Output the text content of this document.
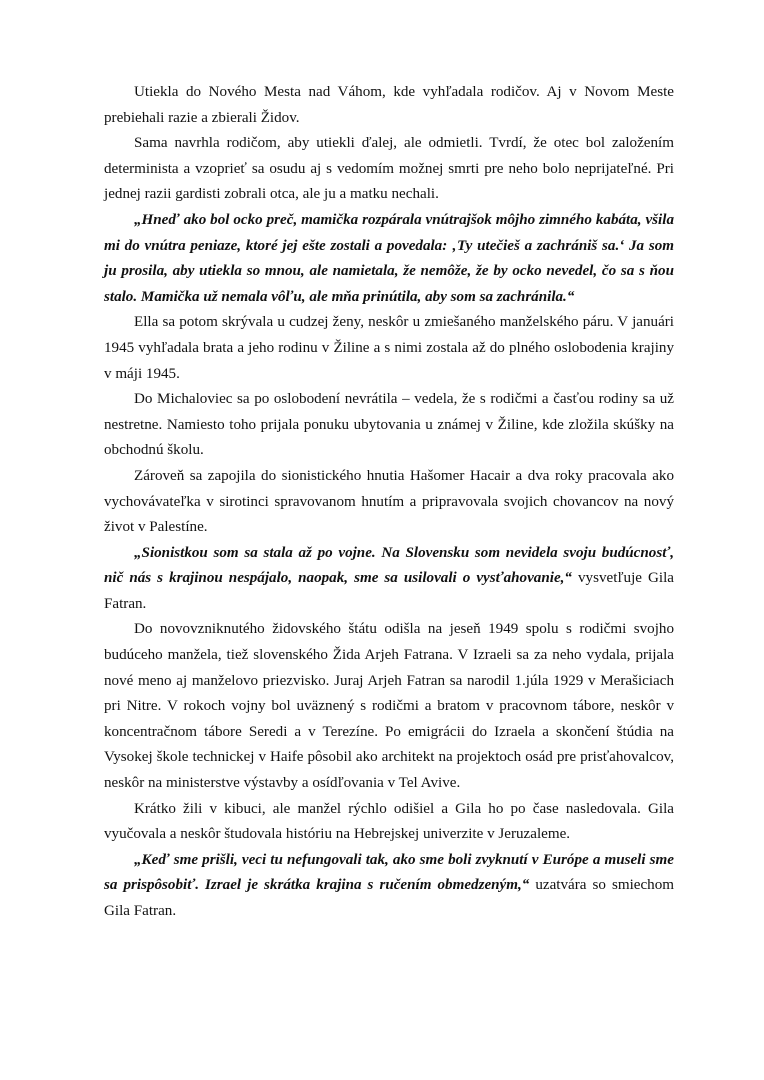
Utiekla do Nového Mesta nad Váhom, kde vyhľadala rodičov. Aj v Novom Meste prebiehali razie a zbierali Židov.

Sama navrhla rodičom, aby utiekli ďalej, ale odmietli. Tvrdí, že otec bol založením deterministа a vzoprieť sa osudu aj s vedomím možnej smrti pre neho bolo neprijateľné. Pri jednej razii gardisti zobrali otca, ale ju a matku nechali.

„Hneď ako bol ocko preč, mamička rozpárala vnútrajšok môjho zimného kabáta, všila mi do vnútra peniaze, ktoré jej ešte zostali a povedala: ‚Ty utečieš a zachrániš sa.‘ Ja som ju prosila, aby utiekla so mnou, ale namietala, že nemôže, že by ocko nevedel, čo sa s ňou stalo. Mamička už nemala vôľu, ale mňa prinútila, aby som sa zachránila.“

Ella sa potom skrývala u cudzej ženy, neskôr u zmiešaného manželského páru. V januári 1945 vyhľadala brata a jeho rodinu v Žiline a s nimi zostala až do plného oslobodenia krajiny v máji 1945.

Do Michaloviec sa po oslobodení nevrátila – vedela, že s rodičmi a časťou rodiny sa už nestretne. Namiesto toho prijala ponuku ubytovania u známej v Žiline, kde zložila skúšky na obchodnú školu.

Zároveň sa zapojila do sionistického hnutia Hašomer Hacair a dva roky pracovala ako vychovávateľka v sirotinci spravovanom hnutím a pripravovala svojich chovancov na nový život v Palestíne.

„Sionistkou som sa stala až po vojne. Na Slovensku som nevidela svoju budúcnosť, nič nás s krajinou nespájalo, naopak, sme sa usilovali o vysťahovanie,“ vysvetľuje Gila Fatran.

Do novovzniknutého židovského štátu odišla na jeseň 1949 spolu s rodičmi svojho budúceho manžela, tiež slovenského Žida Arjeh Fatrana. V Izraeli sa za neho vydala, prijala nové meno aj manželovo priezvisko. Juraj Arjeh Fatran sa narodil 1.júla 1929 v Merašiciach pri Nitre. V rokoch vojny bol uväznený s rodičmi a bratom v pracovnom tábore, neskôr v koncentračnom tábore Seredi a v Terezíne. Po emigrácii do Izraela a skončení štúdia na Vysokej škole technickej v Haife pôsobil ako architekt na projektoch osád pre prisťahovalcov, neskôr na ministerstve výstavby a osídľovania v Tel Avive.

Krátko žili v kibuci, ale manžel rýchlo odišiel a Gila ho po čase nasledovala. Gila vyučovala a neskôr študovala históriu na Hebrejskej univerzite v Jeruzaleme.

„Keď sme prišli, veci tu nefungovali tak, ako sme boli zvyknutí v Európe a museli sme sa prispôsobiť. Izrael je skrátka krajina s ručením obmedzeným,“ uzatvára so smiechom Gila Fatran.
